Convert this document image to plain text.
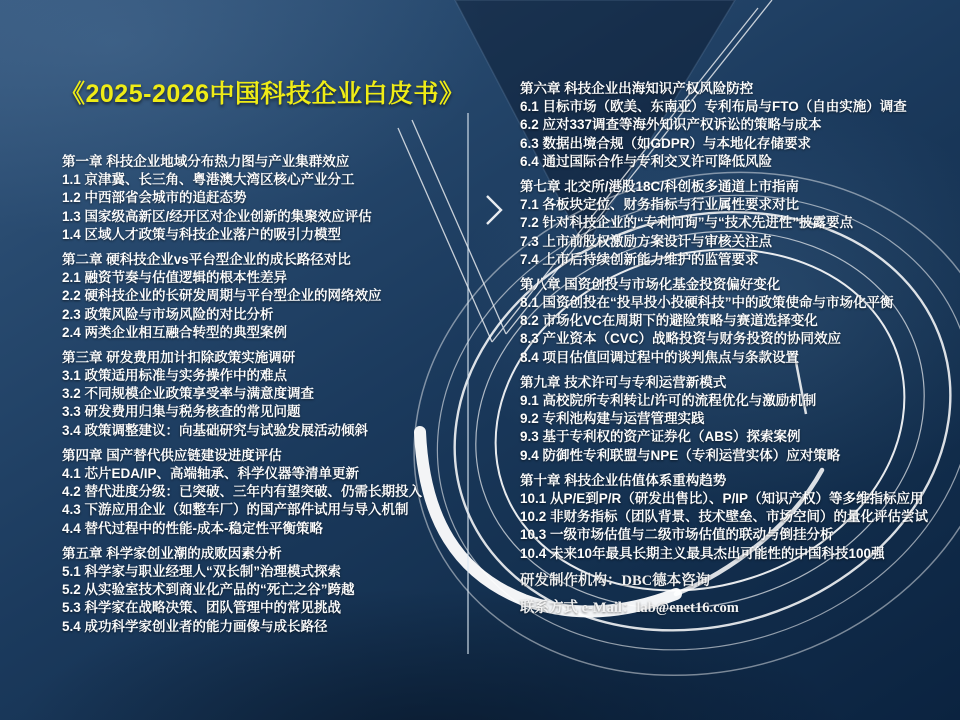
《2025-2026中国科技企业白皮书》
第一章 科技企业地域分布热力图与产业集群效应
1.1 京津冀、长三角、粤港澳大湾区核心产业分工
1.2 中西部省会城市的追赶态势
1.3 国家级高新区/经开区对企业创新的集聚效应评估
1.4 区域人才政策与科技企业落户的吸引力模型
第二章 硬科技企业vs平台型企业的成长路径对比
2.1 融资节奏与估值逻辑的根本性差异
2.2 硬科技企业的长研发周期与平台型企业的网络效应
2.3 政策风险与市场风险的对比分析
2.4 两类企业相互融合转型的典型案例
第三章 研发费用加计扣除政策实施调研
3.1 政策适用标准与实务操作中的难点
3.2 不同规模企业政策享受率与满意度调查
3.3 研发费用归集与税务核查的常见问题
3.4 政策调整建议：向基础研究与试验发展活动倾斜
第四章 国产替代供应链建设进度评估
4.1 芯片EDA/IP、高端轴承、科学仪器等清单更新
4.2 替代进度分级：已突破、三年内有望突破、仍需长期投入
4.3 下游应用企业（如整车厂）的国产部件试用与导入机制
4.4 替代过程中的性能-成本-稳定性平衡策略
第五章 科学家创业潮的成败因素分析
5.1 科学家与职业经理人“双长制”治理模式探索
5.2 从实验室技术到商业化产品的“死亡之谷”跨越
5.3 科学家在战略决策、团队管理中的常见挑战
5.4 成功科学家创业者的能力画像与成长路径
第六章 科技企业出海知识产权风险防控
6.1 目标市场（欧美、东南亚）专利布局与FTO（自由实施）调查
6.2 应对337调查等海外知识产权诉讼的策略与成本
6.3 数据出境合规（如GDPR）与本地化存储要求
6.4 通过国际合作与专利交叉许可降低风险
第七章 北交所/港股18C/科创板多通道上市指南
7.1 各板块定位、财务指标与行业属性要求对比
7.2 针对科技企业的“专利问询”与“技术先进性”披露要点
7.3 上市前股权激励方案设计与审核关注点
7.4 上市后持续创新能力维护的监管要求
第八章 国资创投与市场化基金投资偏好变化
8.1 国资创投在“投早投小投硬科技”中的政策使命与市场化平衡
8.2 市场化VC在周期下的避险策略与赛道选择变化
8.3 产业资本（CVC）战略投资与财务投资的协同效应
8.4 项目估值回调过程中的谈判焦点与条款设置
第九章 技术许可与专利运营新模式
9.1 高校院所专利转让/许可的流程优化与激励机制
9.2 专利池构建与运营管理实践
9.3 基于专利权的资产证券化（ABS）探索案例
9.4 防御性专利联盟与NPE（专利运营实体）应对策略
第十章 科技企业估值体系重构趋势
10.1 从P/E到P/R（研发出售比）、P/IP（知识产权）等多维指标应用
10.2 非财务指标（团队背景、技术壁垒、市场空间）的量化评估尝试
10.3 一级市场估值与二级市场估值的联动与倒挂分析
10.4 未来10年最具长期主义最具杰出可能性的中国科技100强
研发制作机构：DBC德本咨询
联系方式 e-Mail：lab@enet16.com
